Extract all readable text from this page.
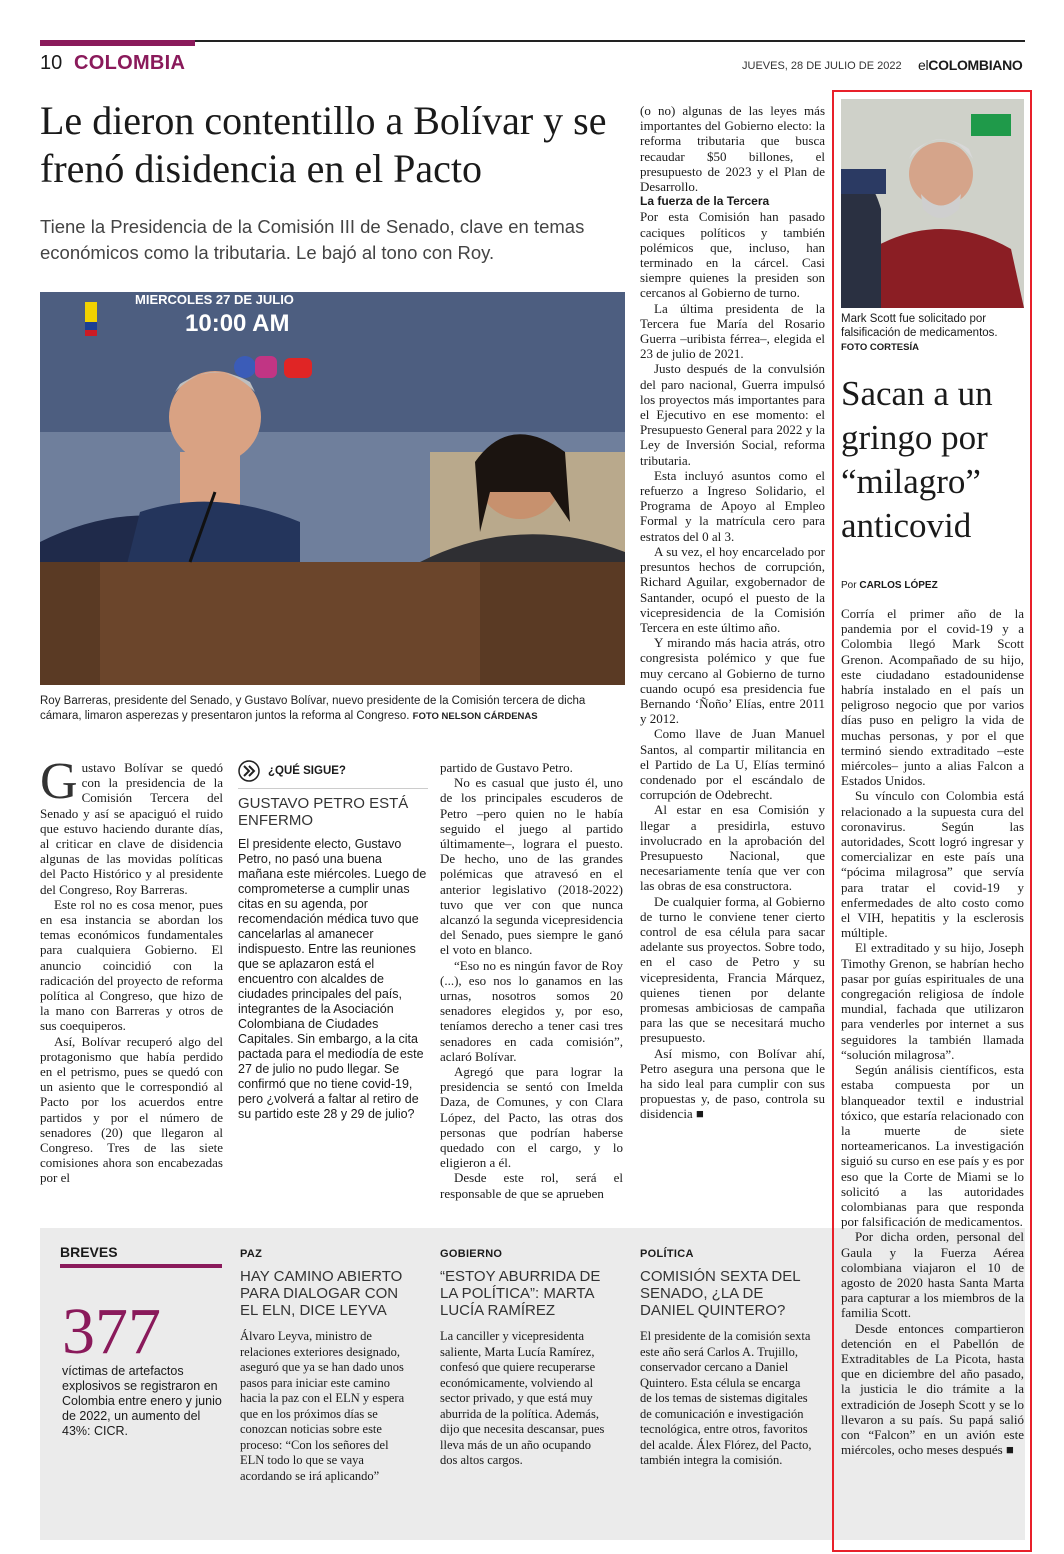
10 COLOMBIA	JUEVES, 28 DE JULIO DE 2022 elCOLOMBIANO
Le dieron contentillo a Bolívar y se frenó disidencia en el Pacto
Tiene la Presidencia de la Comisión III de Senado, clave en temas económicos como la tributaria. Le bajó al tono con Roy.
MIERCOLES 27 DE JULIO
10:00 AM
Roy Barreras, presidente del Senado, y Gustavo Bolívar, nuevo presidente de la Comisión tercera de dicha cámara, limaron asperezas y presentaron juntos la reforma al Congreso. FOTO NELSON CÁRDENAS

Gustavo Bolívar se quedó con la presidencia de la Comisión Tercera del Senado y así se apaciguó el ruido que estuvo haciendo durante días, al criticar en clave de disidencia algunas de las movidas políticas del Pacto Histórico y al presidente del Congreso, Roy Barreras.

Este rol no es cosa menor, pues en esa instancia se abordan los temas económicos fundamentales para cualquiera Gobierno. El anuncio coincidió con la radicación del proyecto de reforma política al Congreso, que hizo de la mano con Barreras y otros de sus coequiperos.

Así, Bolívar recuperó algo del protagonismo que había perdido en el petrismo, pues se quedó con un asiento que le correspondió al Pacto por los acuerdos entre partidos y por el número de senadores (20) que llegaron al Congreso. Tres de las siete comisiones ahora son encabezadas por el

¿QUÉ SIGUE?
GUSTAVO PETRO ESTÁ ENFERMO
El presidente electo, Gustavo Petro, no pasó una buena mañana este miércoles. Luego de comprometerse a cumplir unas citas en su agenda, por recomendación médica tuvo que cancelarlas al amanecer indispuesto. Entre las reuniones que se aplazaron está el encuentro con alcaldes de ciudades principales del país, integrantes de la Asociación Colombiana de Ciudades Capitales. Sin embargo, a la cita pactada para el mediodía de este 27 de julio no pudo llegar. Se confirmó que no tiene covid-19, pero ¿volverá a faltar al retiro de su partido este 28 y 29 de julio?

partido de Gustavo Petro.

No es casual que justo él, uno de los principales escuderos de Petro –pero quien no le había seguido el juego al partido últimamente–, lograra el puesto. De hecho, uno de las grandes polémicas que atravesó en el anterior legislativo (2018-2022) tuvo que ver con que nunca alcanzó la segunda vicepresidencia del Senado, pues siempre le ganó el voto en blanco.

“Eso no es ningún favor de Roy (...), eso nos lo ganamos en las urnas, nosotros somos 20 senadores elegidos y, por eso, teníamos derecho a tener casi tres senadores en cada comisión”, aclaró Bolívar.

Agregó que para lograr la presidencia se sentó con Imelda Daza, de Comunes, y con Clara López, del Pacto, las otras dos personas que podrían haberse quedado con el cargo, y lo eligieron a él.

Desde este rol, será el responsable de que se aprueben

(o no) algunas de las leyes más importantes del Gobierno electo: la reforma tributaria que busca recaudar $50 billones, el presupuesto de 2023 y el Plan de Desarrollo.

La fuerza de la Tercera

Por esta Comisión han pasado caciques políticos y también polémicos que, incluso, han terminado en la cárcel. Casi siempre quienes la presiden son cercanos al Gobierno de turno.

La última presidenta de la Tercera fue María del Rosario Guerra –uribista férrea–, elegida el 23 de julio de 2021.

Justo después de la convulsión del paro nacional, Guerra impulsó los proyectos más importantes para el Ejecutivo en ese momento: el Presupuesto General para 2022 y la Ley de Inversión Social, reforma tributaria.

Esta incluyó asuntos como el refuerzo a Ingreso Solidario, el Programa de Apoyo al Empleo Formal y la matrícula cero para estratos del 0 al 3.

A su vez, el hoy encarcelado por presuntos hechos de corrupción, Richard Aguilar, exgobernador de Santander, ocupó el puesto de la vicepresidencia de la Comisión Tercera en este último año.

Y mirando más hacia atrás, otro congresista polémico y que fue muy cercano al Gobierno de turno cuando ocupó esa presidencia fue Bernando ‘Ñoño’ Elías, entre 2011 y 2012.

Como llave de Juan Manuel Santos, al compartir militancia en el Partido de La U, Elías terminó condenado por el escándalo de corrupción de Odebrecht.

Al estar en esa Comisión y llegar a presidirla, estuvo involucrado en la aprobación del Presupuesto Nacional, que necesariamente tenía que ver con las obras de esa constructora.

De cualquier forma, al Gobierno de turno le conviene tener cierto control de esa célula para sacar adelante sus proyectos. Sobre todo, en el caso de Petro y su vicepresidenta, Francia Márquez, quienes tienen por delante promesas ambiciosas de campaña para las que se necesitará mucho presupuesto.

Así mismo, con Bolívar ahí, Petro asegura una persona que le ha sido leal para cumplir con sus propuestas y, de paso, controla su disidencia ■

BREVES
377
víctimas de artefactos explosivos se registraron en Colombia entre enero y junio de 2022, un aumento del 43%: CICR.
PAZ
HAY CAMINO ABIERTO PARA DIALOGAR CON EL ELN, DICE LEYVA
Álvaro Leyva, ministro de relaciones exteriores designado, aseguró que ya se han dado unos pasos para iniciar este camino hacia la paz con el ELN y espera que en los próximos días se conozcan noticias sobre este proceso: “Con los señores del ELN todo lo que se vaya acordando se irá aplicando”
GOBIERNO
“ESTOY ABURRIDA DE LA POLÍTICA”: MARTA LUCÍA RAMÍREZ
La canciller y vicepresidenta saliente, Marta Lucía Ramírez, confesó que quiere recuperarse económicamente, volviendo al sector privado, y que está muy aburrida de la política. Además, dijo que necesita descansar, pues lleva más de un año ocupando dos altos cargos.
POLÍTICA
COMISIÓN SEXTA DEL SENADO, ¿LA DE DANIEL QUINTERO?
El presidente de la comisión sexta este año será Carlos A. Trujillo, conservador cercano a Daniel Quintero. Esta célula se encarga de los temas de sistemas digitales de comunicación e investigación tecnológica, entre otros, favoritos del acalde. Álex Flórez, del Pacto, también integra la comisión.
Mark Scott fue solicitado por falsificación de medicamentos.
FOTO CORTESÍA
Sacan a un gringo por “milagro” anticovid
Por CARLOS LÓPEZ

Corría el primer año de la pandemia por el covid-19 y a Colombia llegó Mark Scott Grenon. Acompañado de su hijo, este ciudadano estadounidense habría instalado en el país un peligroso negocio que por varios días puso en peligro la vida de muchas personas, y por el que terminó siendo extraditado –este miércoles– junto a alias Falcon a Estados Unidos.

Su vínculo con Colombia está relacionado a la supuesta cura del coronavirus. Según las autoridades, Scott logró ingresar y comercializar en este país una “pócima milagrosa” que servía para tratar el covid-19 y enfermedades de alto costo como el VIH, hepatitis y la esclerosis múltiple.

El extraditado y su hijo, Joseph Timothy Grenon, se habrían hecho pasar por guías espirituales de una congregación religiosa de índole mundial, fachada que utilizaron para venderles por internet a sus seguidores la también llamada “solución milagrosa”.

Según análisis científicos, esta estaba compuesta por un blanqueador textil e industrial tóxico, que estaría relacionado con la muerte de siete norteamericanos. La investigación siguió su curso en ese país y es por eso que la Corte de Miami se lo solicitó a las autoridades colombianas para que responda por falsificación de medicamentos.

Por dicha orden, personal del Gaula y la Fuerza Aérea colombiana viajaron el 10 de agosto de 2020 hasta Santa Marta para capturar a los miembros de la familia Scott.

Desde entonces compartieron detención en el Pabellón de Extraditables de La Picota, hasta que en diciembre del año pasado, la justicia le dio trámite a la extradición de Joseph Scott y se lo llevaron a su país. Su papá salió con “Falcon” en un avión este miércoles, ocho meses después ■
